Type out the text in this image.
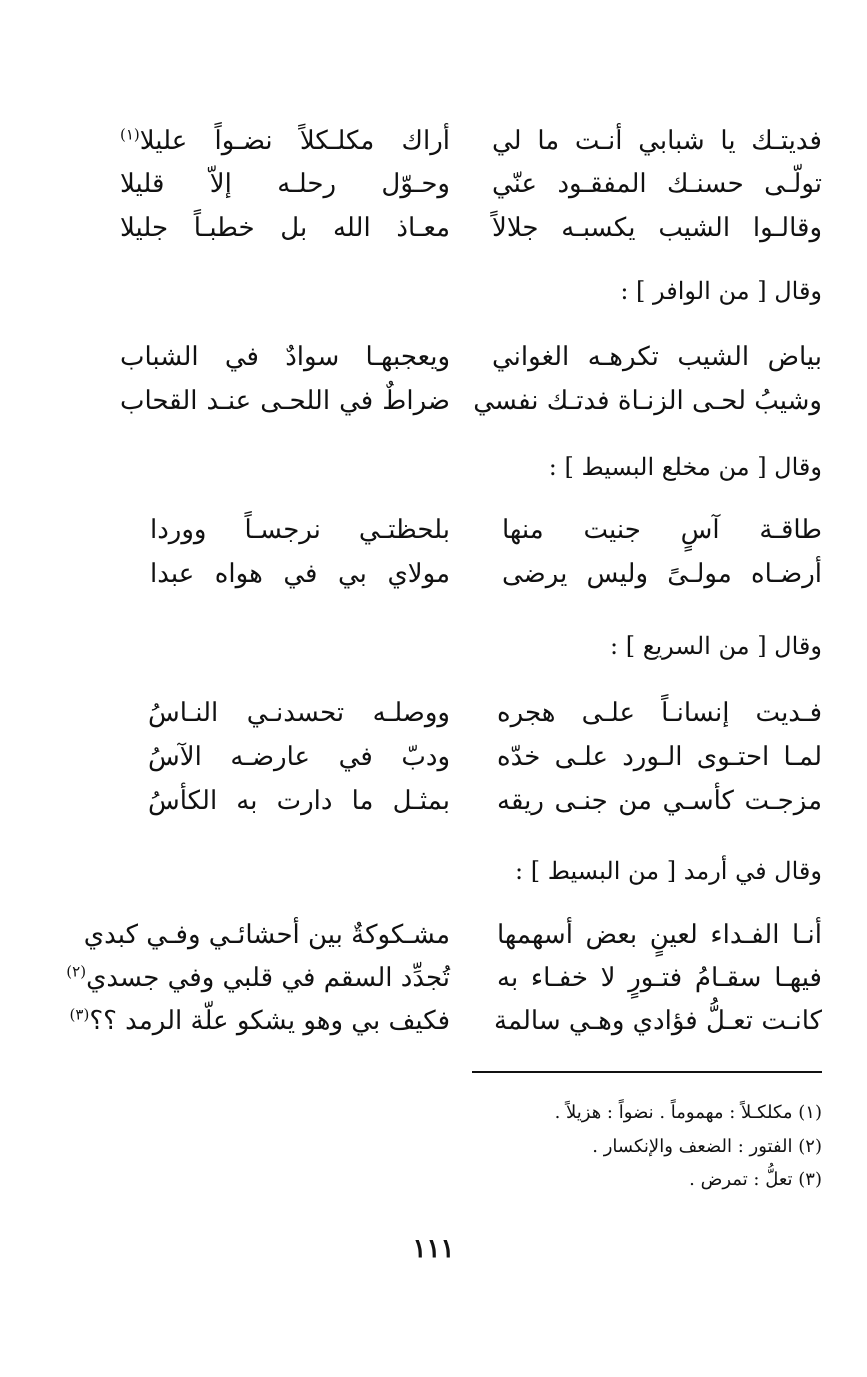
فديتـك يا شبابي أنـت ما لي
أراك مكلـكلاً نضـواً عليلا$^{(١)}$
تولّـى حسنـك المفقـود عنّي
وحـوّل رحلـه إلاّ قليلا
وقالـوا الشيب يكسبـه جلالاً
معـاذ الله بل خطبـاً جليلا
وقال [ من الوافر ] :
بياض الشيب تكرهـه الغواني
ويعجبهـا سوادٌ في الشباب
وشيبُ لحـى الزنـاة فدتـك نفسي
ضراطٌ في اللحـى عنـد القحاب
وقال [ من مخلع البسيط ] :
طاقـة آسٍ جنيت منها
بلحظتـي نرجسـاً ووردا
أرضـاه مولـىً وليس يرضى
مولاي بي في هواه عبدا
وقال [ من السريع ] :
فـديت إنسانـاً علـى هجره
ووصلـه تحسدنـي النـاسُ
لمـا احتـوى الـورد علـى خدّه
ودبّ في عارضـه الآسُ
مزجـت كأسـي من جنـى ريقه
بمثـل ما دارت به الكأسُ
وقال في أرمد [ من البسيط ] :
أنـا الفـداء لعينٍ بعض أسهمها
مشـكوكةٌ بين أحشائـي وفـي كبدي
فيهـا سقـامُ فتـورٍ لا خفـاء به
تُجدِّد السقم في قلبي وفي جسدي$^{(٢)}$
كانـت تعـلُّ فؤادي وهـي سالمة
فكيف بي وهو يشكو علّة الرمد ؟؟$^{(٣)}$
(١) مكلكـلاً : مهموماً . نضواً : هزيلاً .
(٢) الفتور : الضعف والإنكسار .
(٣) تعلُّ : تمرض .
١١١
